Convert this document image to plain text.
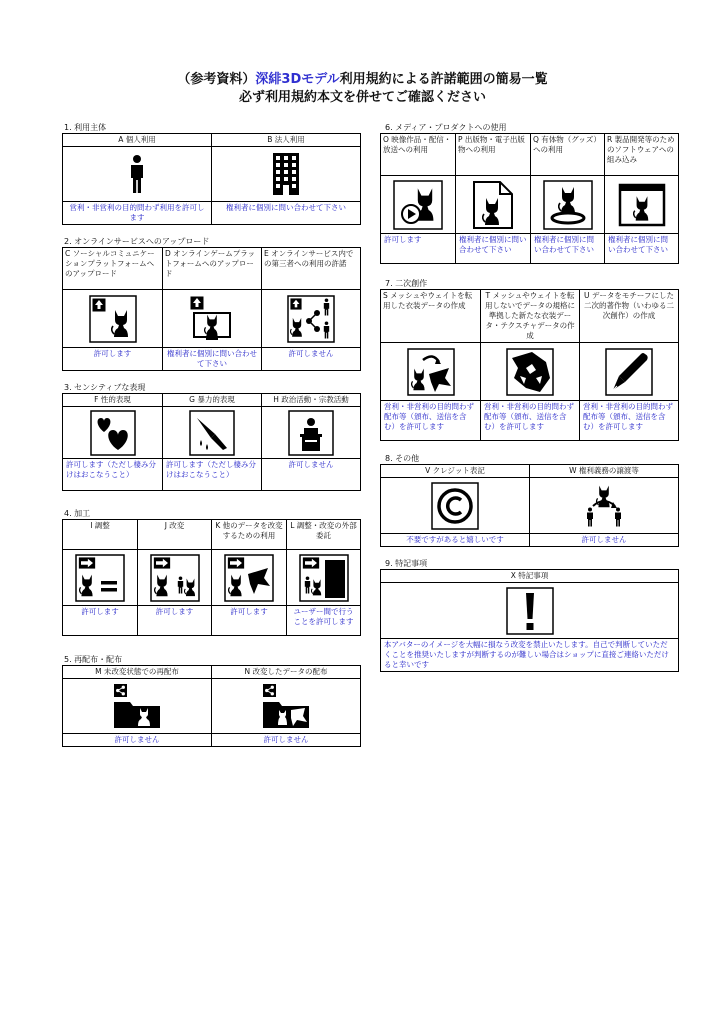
（参考資料）深緋3Dモデル利用規約による許諾範囲の簡易一覧
必ず利用規約本文を併せてご確認ください
1. 利用主体
A 個人利用	B 法人利用

営利・非営利の目的問わず利用を許可します	権利者に個別に問い合わせて下さい
2. オンラインサービスへのアップロード
C ソーシャルコミュニケーションプラットフォームへのアップロード	D オンラインゲームプラットフォームへのアップロード	E オンラインサービス内での第三者への利用の許諾

許可します	権利者に個別に問い合わせて下さい	許可しません
3. センシティブな表現
F 性的表現	G 暴力的表現	H 政治活動・宗教活動

許可します（ただし棲み分けはおこなうこと）	許可します（ただし棲み分けはおこなうこと）	許可しません
4. 加工
I 調整	J 改変	K 他のデータを改変するための利用	L 調整・改変の外部委託

許可します	許可します	許可します	ユーザー間で行うことを許可します
5. 再配布・配布
M 未改変状態での再配布	N 改変したデータの配布

許可しません	許可しません
6. メディア・プロダクトへの使用
O 映像作品・配信・放送への利用	P 出版物・電子出版物への利用	Q 有体物（グッズ）への利用	R 製品開発等のためのソフトウェアへの組み込み

許可します	権利者に個別に問い合わせて下さい	権利者に個別に問い合わせて下さい	権利者に個別に問い合わせて下さい
7. 二次創作
S メッシュやウェイトを転用した衣装データの作成	T メッシュやウェイトを転用しないでデータの規格に準拠した新たな衣装データ・テクスチャデータの作成	U データをモチーフにした二次的著作物（いわゆる二次創作）の作成

営利・非営利の目的問わず配布等（頒布、送信を含む）を許可します	営利・非営利の目的問わず配布等（頒布、送信を含む）を許可します	営利・非営利の目的問わず配布等（頒布、送信を含む）を許可します
8. その他
V クレジット表記	W 権利義務の譲渡等

不要ですがあると嬉しいです	許可しません
9. 特記事項
X 特記事項

本アバターのイメージを大幅に損なう改変を禁止いたします。自己で判断していただくことを推奨いたしますが判断するのが難しい場合はショップに直接ご連絡いただけると幸いです
